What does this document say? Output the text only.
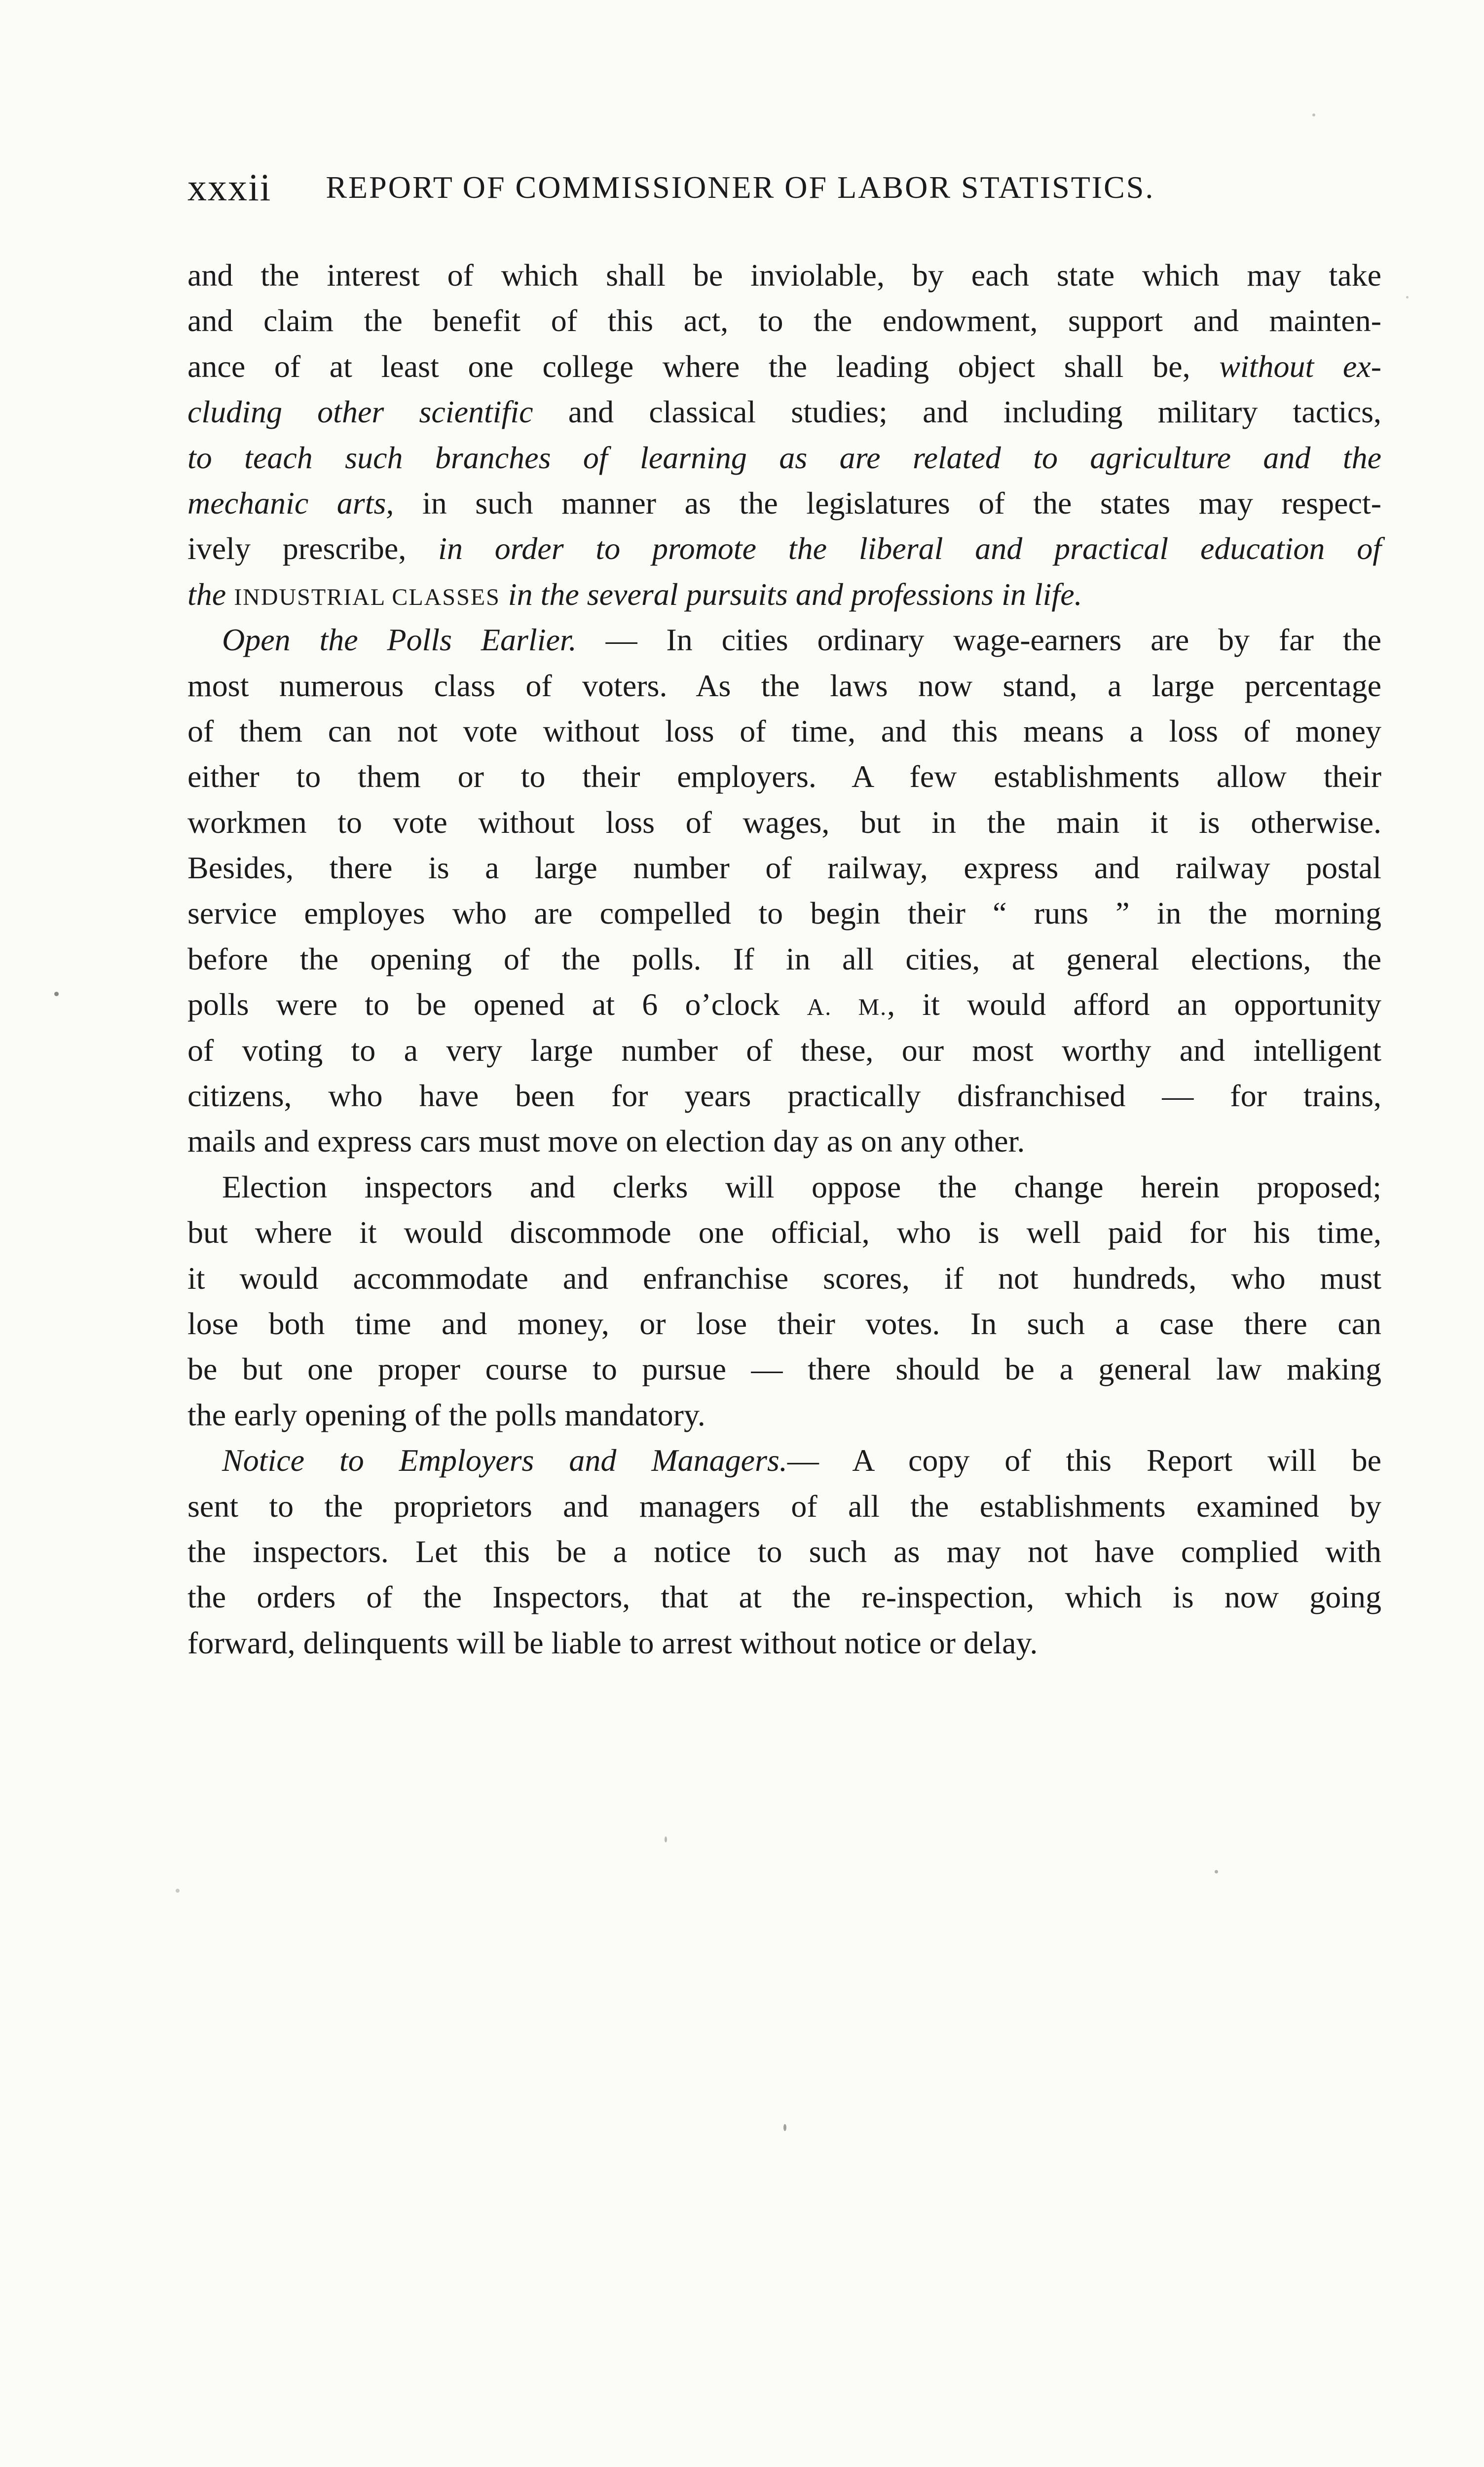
xxxii REPORT OF COMMISSIONER OF LABOR STATISTICS.
and the interest of which shall be inviolable, by each state which may take
and claim the benefit of this act, to the endowment, support and mainten-
ance of at least one college where the leading object shall be, without ex-
cluding other scientific and classical studies; and including military tactics,
to teach such branches of learning as are related to agriculture and the
mechanic arts, in such manner as the legislatures of the states may respect-
ively prescribe, in order to promote the liberal and practical education of
the INDUSTRIAL CLASSES in the several pursuits and professions in life.
Open the Polls Earlier. — In cities ordinary wage-earners are by far the
most numerous class of voters. As the laws now stand, a large percentage
of them can not vote without loss of time, and this means a loss of money
either to them or to their employers. A few establishments allow their
workmen to vote without loss of wages, but in the main it is otherwise.
Besides, there is a large number of railway, express and railway postal
service employes who are compelled to begin their “ runs ” in the morning
before the opening of the polls. If in all cities, at general elections, the
polls were to be opened at 6 o’clock A. M., it would afford an opportunity
of voting to a very large number of these, our most worthy and intelligent
citizens, who have been for years practically disfranchised — for trains,
mails and express cars must move on election day as on any other.
Election inspectors and clerks will oppose the change herein proposed;
but where it would discommode one official, who is well paid for his time,
it would accommodate and enfranchise scores, if not hundreds, who must
lose both time and money, or lose their votes. In such a case there can
be but one proper course to pursue — there should be a general law making
the early opening of the polls mandatory.
Notice to Employers and Managers.— A copy of this Report will be
sent to the proprietors and managers of all the establishments examined by
the inspectors. Let this be a notice to such as may not have complied with
the orders of the Inspectors, that at the re-inspection, which is now going
forward, delinquents will be liable to arrest without notice or delay.
